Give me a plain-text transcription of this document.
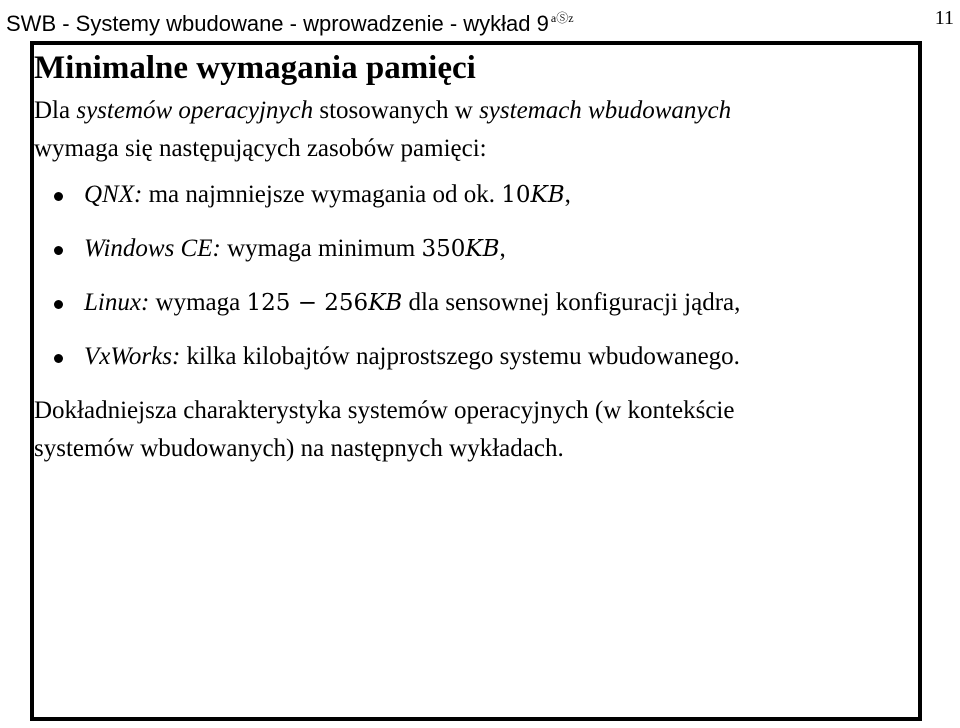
SWB - Systemy wbudowane - wprowadzenie - wykład 9 $^{aⓈz}$	11
Minimalne wymagania pamięci

Dla systemów operacyjnych stosowanych w systemach wbudowanych
wymaga się następujących zasobów pamięci:

QNX: ma najmniejsze wymagania od ok. 10KB,
Windows CE: wymaga minimum 350KB,
Linux: wymaga 125 − 256KB dla sensownej konfiguracji jądra,
VxWorks: kilka kilobajtów najprostszego systemu wbudowanego.

Dokładniejsza charakterystyka systemów operacyjnych (w kontekście systemów wbudowanych) na następnych wykładach.
